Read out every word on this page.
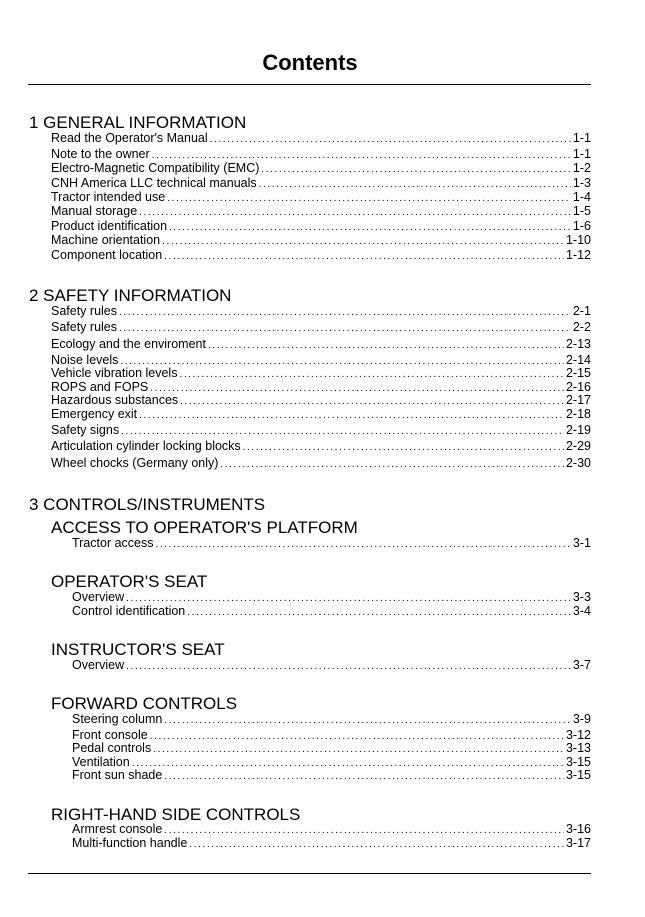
Contents
1 GENERAL INFORMATION
Read the Operator's Manual .....	1-1
Note to the owner .....	1-1
Electro-Magnetic Compatibility (EMC) .....	1-2
CNH America LLC technical manuals .....	1-3
Tractor intended use .....	1-4
Manual storage .....	1-5
Product identification .....	1-6
Machine orientation .....	1-10
Component location .....	1-12
2 SAFETY INFORMATION
Safety rules .....	2-1
Safety rules .....	2-2
Ecology and the enviroment .....	2-13
Noise levels .....	2-14
Vehicle vibration levels .....	2-15
ROPS and FOPS .....	2-16
Hazardous substances .....	2-17
Emergency exit .....	2-18
Safety signs .....	2-19
Articulation cylinder locking blocks .....	2-29
Wheel chocks (Germany only) .....	2-30
3 CONTROLS/INSTRUMENTS
ACCESS TO OPERATOR'S PLATFORM
Tractor access .....	3-1
OPERATOR'S SEAT
Overview .....	3-3
Control identification .....	3-4
INSTRUCTOR'S SEAT
Overview .....	3-7
FORWARD CONTROLS
Steering column .....	3-9
Front console .....	3-12
Pedal controls .....	3-13
Ventilation .....	3-15
Front sun shade .....	3-15
RIGHT-HAND SIDE CONTROLS
Armrest console .....	3-16
Multi-function handle .....	3-17
